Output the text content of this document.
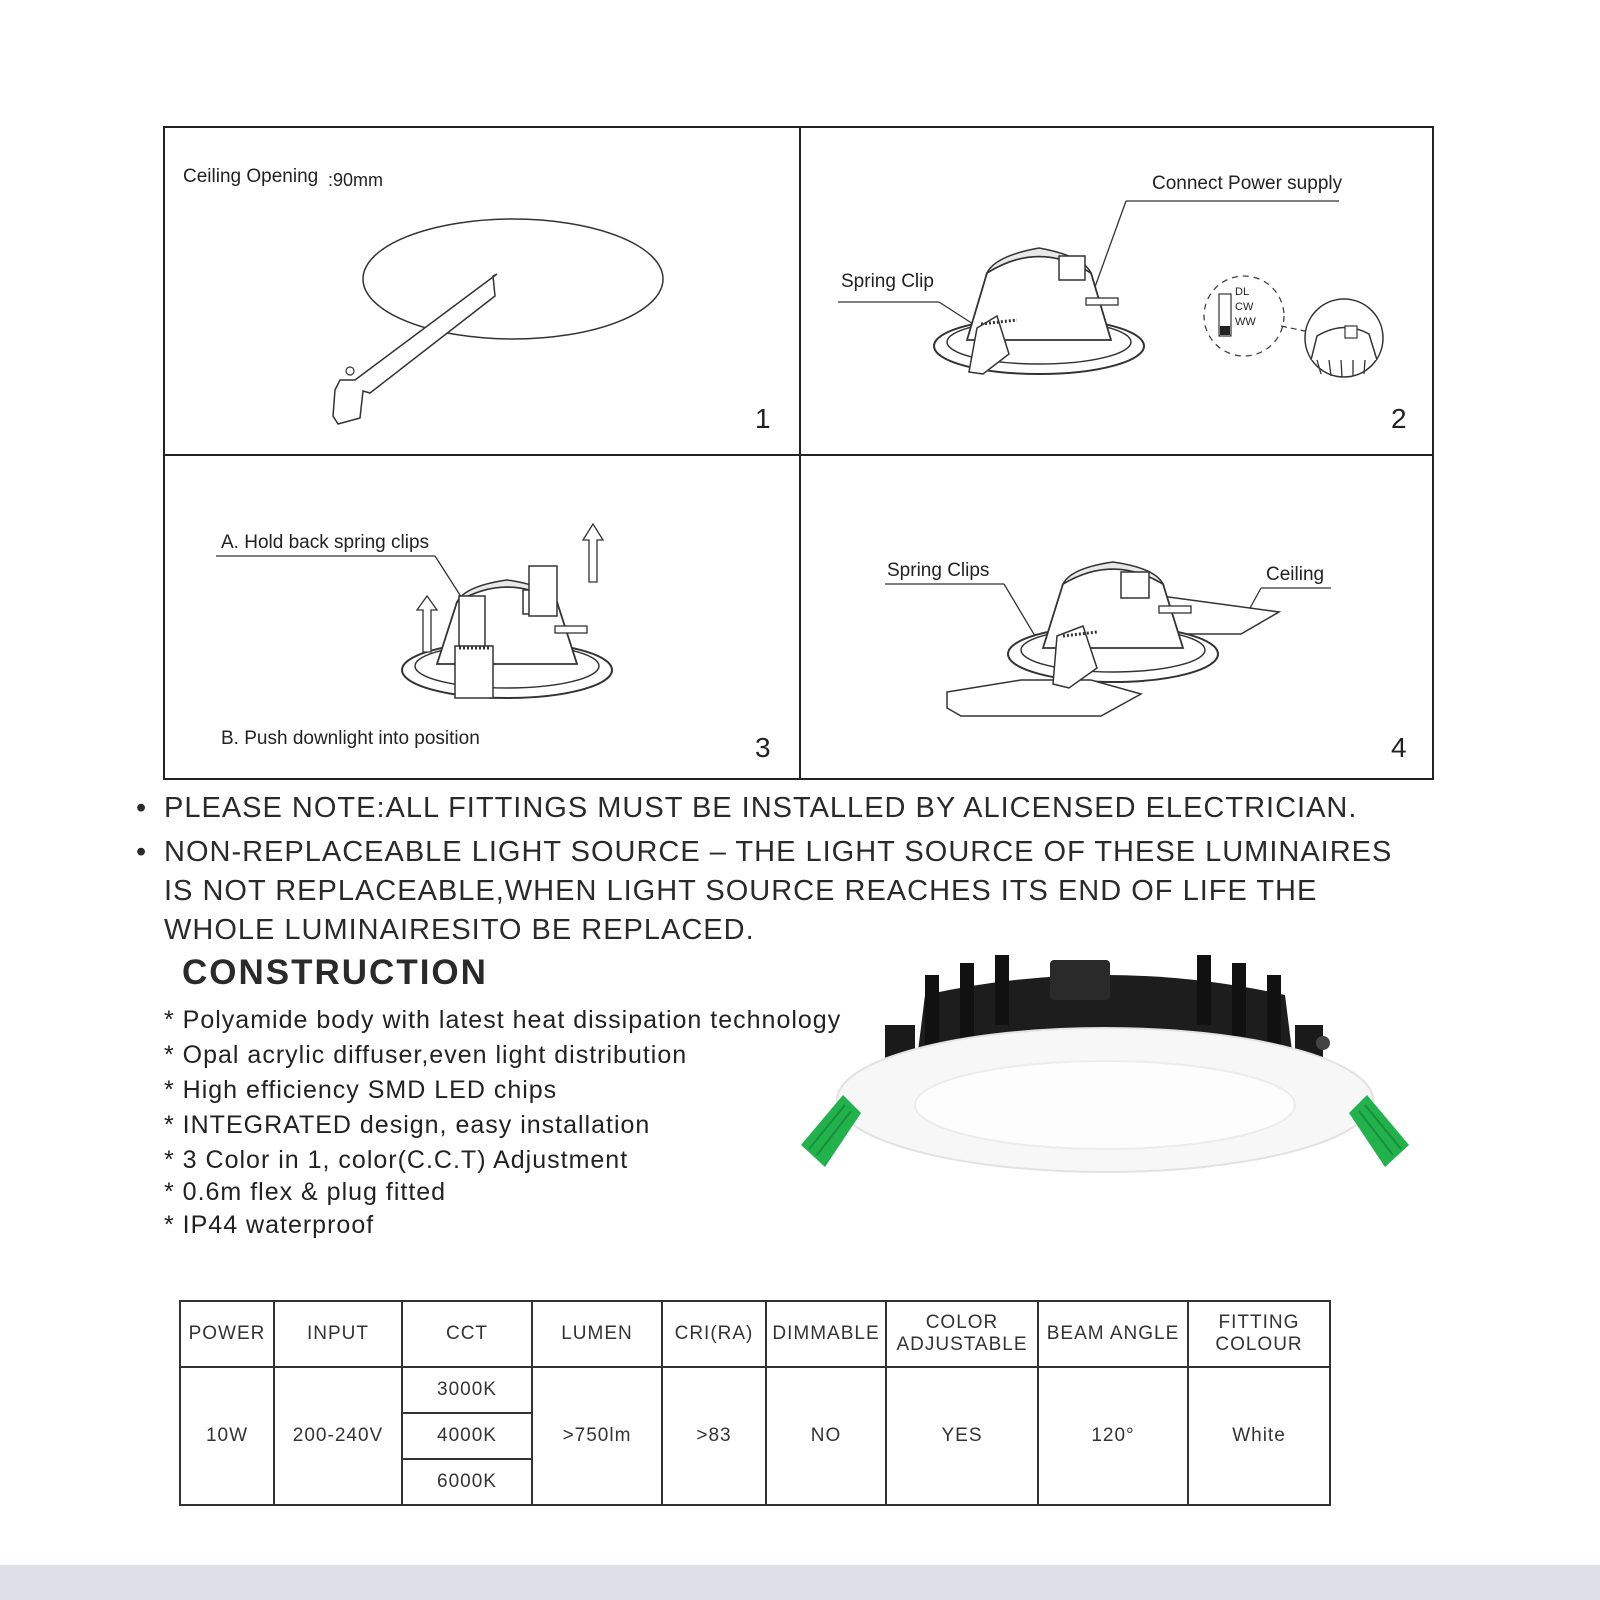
Ceiling Opening :90mm
1
Connect Power supply
Spring Clip	DL
CW
WW
2
A. Hold back spring clips
B. Push downlight into position	3
Spring Clips	Ceiling
4
• PLEASE NOTE:ALL FITTINGS MUST BE INSTALLED BY ALICENSED ELECTRICIAN.
• NON-REPLACEABLE LIGHT SOURCE – THE LIGHT SOURCE OF THESE LUMINAIRES
IS NOT REPLACEABLE,WHEN LIGHT SOURCE REACHES ITS END OF LIFE THE
WHOLE LUMINAIRESITO BE REPLACED.
CONSTRUCTION
* Polyamide body with latest heat dissipation technology
* Opal acrylic diffuser,even light distribution
* High efficiency SMD LED chips
* INTEGRATED design, easy installation
* 3 Color in 1, color(C.C.T) Adjustment
* 0.6m flex & plug fitted
* IP44 waterproof
POWER	INPUT	CCT	LUMEN	CRI(RA)	DIMMABLE	COLOR ADJUSTABLE	BEAM ANGLE	FITTING COLOUR
10W	200-240V	3000K	>750lm	>83	NO	YES	120°	White
		4000K						
		6000K						
